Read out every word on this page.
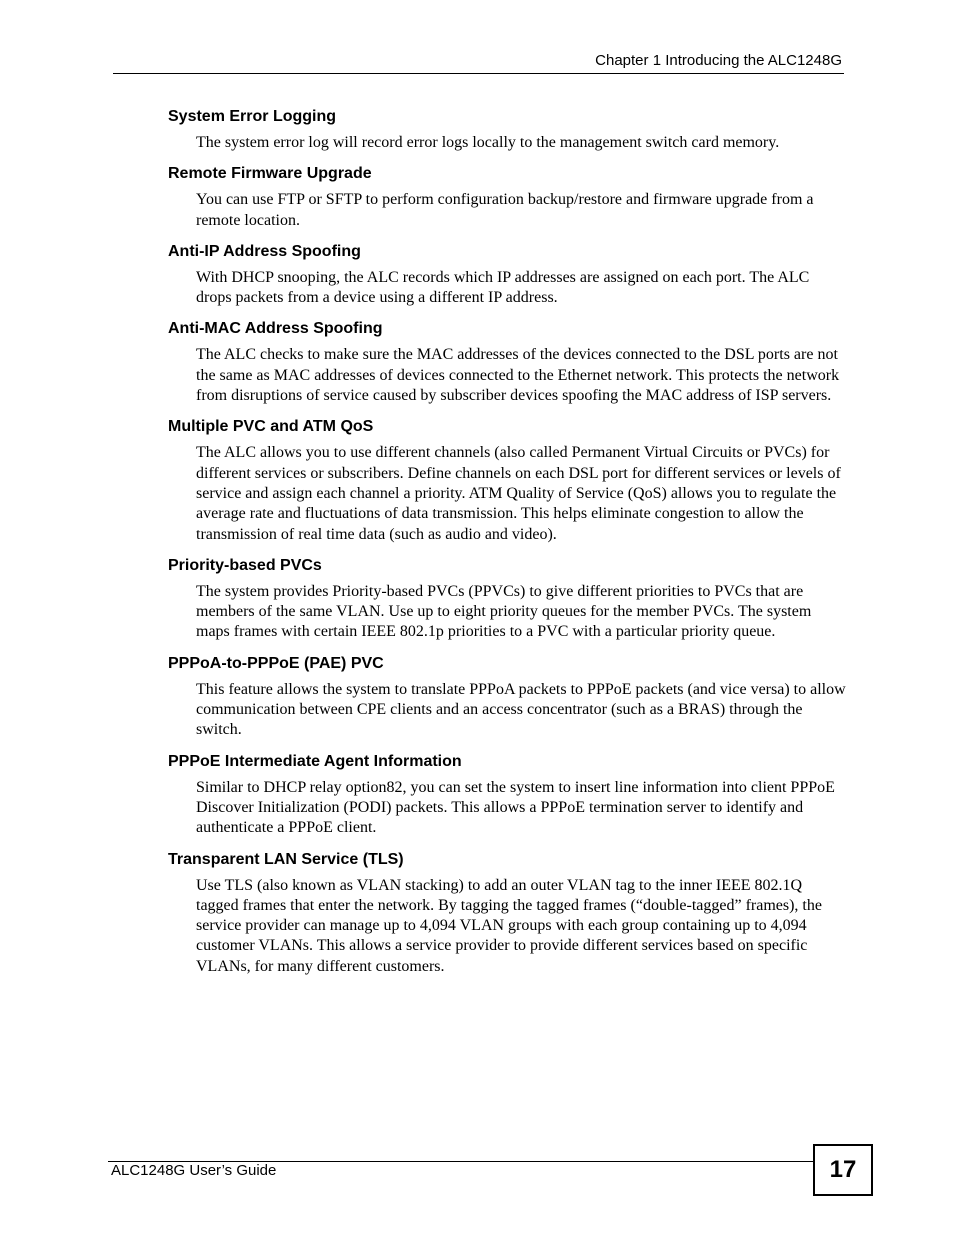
Chapter 1 Introducing the ALC1248G
System Error Logging

The system error log will record error logs locally to the management switch card memory.

Remote Firmware Upgrade

You can use FTP or SFTP to perform configuration backup/restore and firmware upgrade from a remote location.

Anti-IP Address Spoofing

With DHCP snooping, the ALC records which IP addresses are assigned on each port. The ALC drops packets from a device using a different IP address.

Anti-MAC Address Spoofing

The ALC checks to make sure the MAC addresses of the devices connected to the DSL ports are not the same as MAC addresses of devices connected to the Ethernet network. This protects the network from disruptions of service caused by subscriber devices spoofing the MAC address of ISP servers.

Multiple PVC and ATM QoS

The ALC allows you to use different channels (also called Permanent Virtual Circuits or PVCs) for different services or subscribers. Define channels on each DSL port for different services or levels of service and assign each channel a priority. ATM Quality of Service (QoS) allows you to regulate the average rate and fluctuations of data transmission. This helps eliminate congestion to allow the transmission of real time data (such as audio and video).

Priority-based PVCs

The system provides Priority-based PVCs (PPVCs) to give different priorities to PVCs that are members of the same VLAN. Use up to eight priority queues for the member PVCs. The system maps frames with certain IEEE 802.1p priorities to a PVC with a particular priority queue.

PPPoA-to-PPPoE (PAE) PVC

This feature allows the system to translate PPPoA packets to PPPoE packets (and vice versa) to allow communication between CPE clients and an access concentrator (such as a BRAS) through the switch.

PPPoE Intermediate Agent Information

Similar to DHCP relay option82, you can set the system to insert line information into client PPPoE Discover Initialization (PODI) packets. This allows a PPPoE termination server to identify and authenticate a PPPoE client.

Transparent LAN Service (TLS)

Use TLS (also known as VLAN stacking) to add an outer VLAN tag to the inner IEEE 802.1Q tagged frames that enter the network. By tagging the tagged frames (“double-tagged” frames), the service provider can manage up to 4,094 VLAN groups with each group containing up to 4,094 customer VLANs. This allows a service provider to provide different services based on specific VLANs, for many different customers.

ALC1248G User’s Guide	17
